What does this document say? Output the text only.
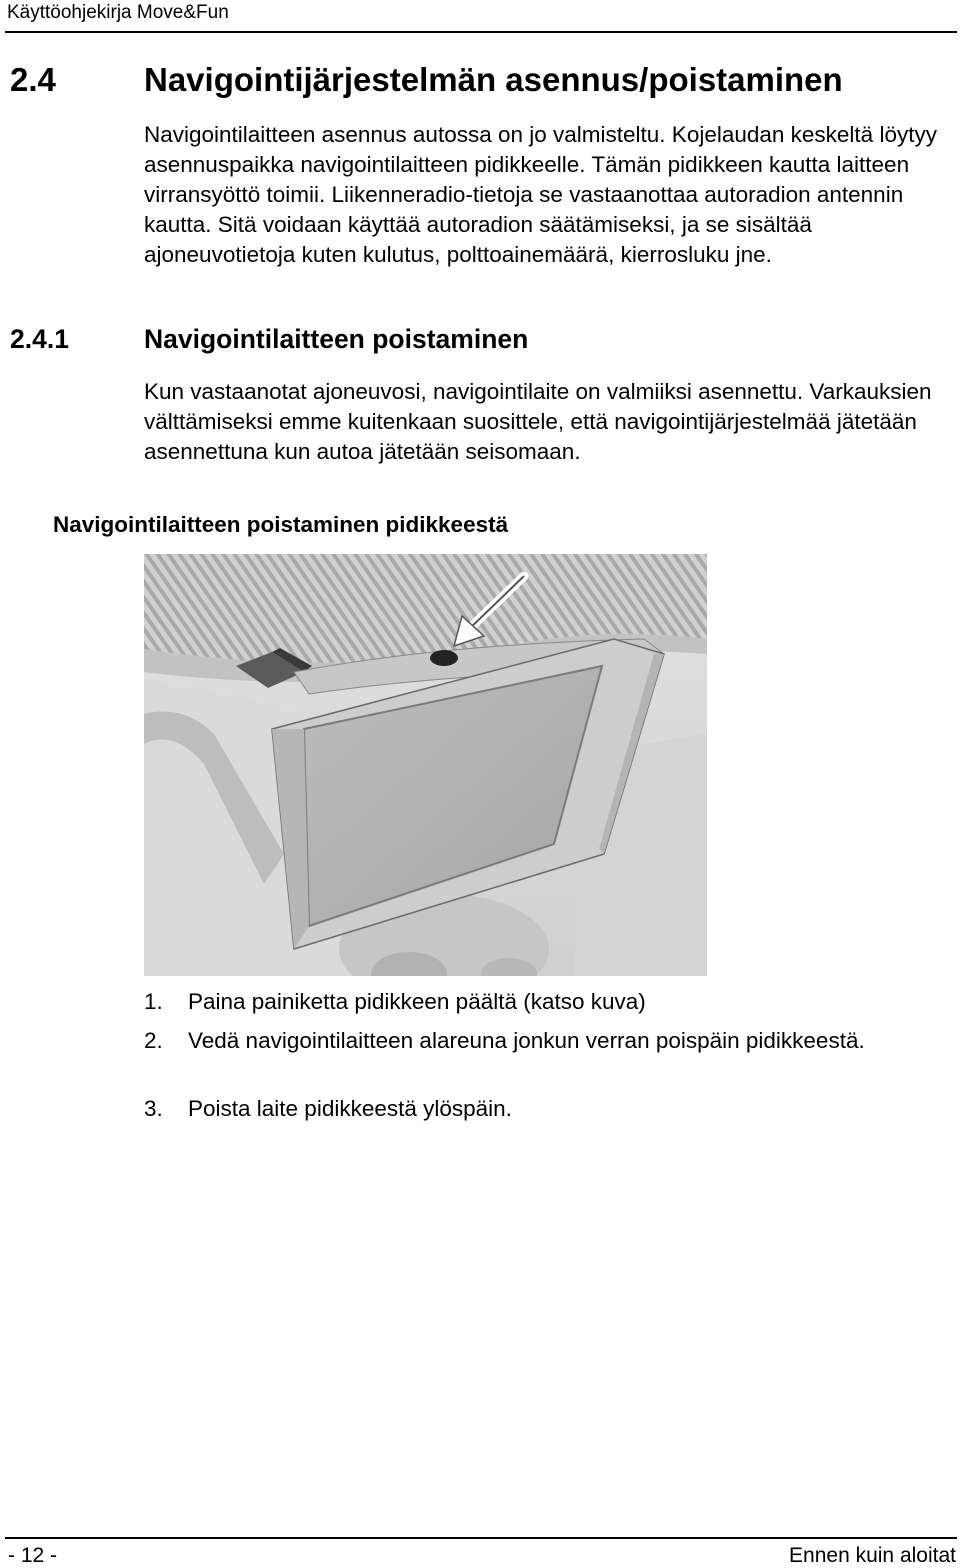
Käyttöohjekirja Move&Fun
2.4	Navigointijärjestelmän asennus/poistaminen
Navigointilaitteen asennus autossa on jo valmisteltu. Kojelaudan keskeltä löytyy asennuspaikka navigointilaitteen pidikkeelle. Tämän pidikkeen kautta laitteen virransyöttö toimii. Liikenneradio-tietoja se vastaanottaa autoradion antennin kautta. Sitä voidaan käyttää autoradion säätämiseksi, ja se sisältää ajoneuvotietoja kuten kulutus, polttoainemäärä, kierrosluku jne.
2.4.1	Navigointilaitteen poistaminen
Kun vastaanotat ajoneuvosi, navigointilaite on valmiiksi asennettu. Varkauksien välttämiseksi emme kuitenkaan suosittele, että navigointijärjestelmää jätetään asennettuna kun autoa jätetään seisomaan.
Navigointilaitteen poistaminen pidikkeestä
1. Paina painiketta pidikkeen päältä (katso kuva)
2. Vedä navigointilaitteen alareuna jonkun verran poispäin pidikkeestä.
3. Poista laite pidikkeestä ylöspäin.
- 12 -	Ennen kuin aloitat
